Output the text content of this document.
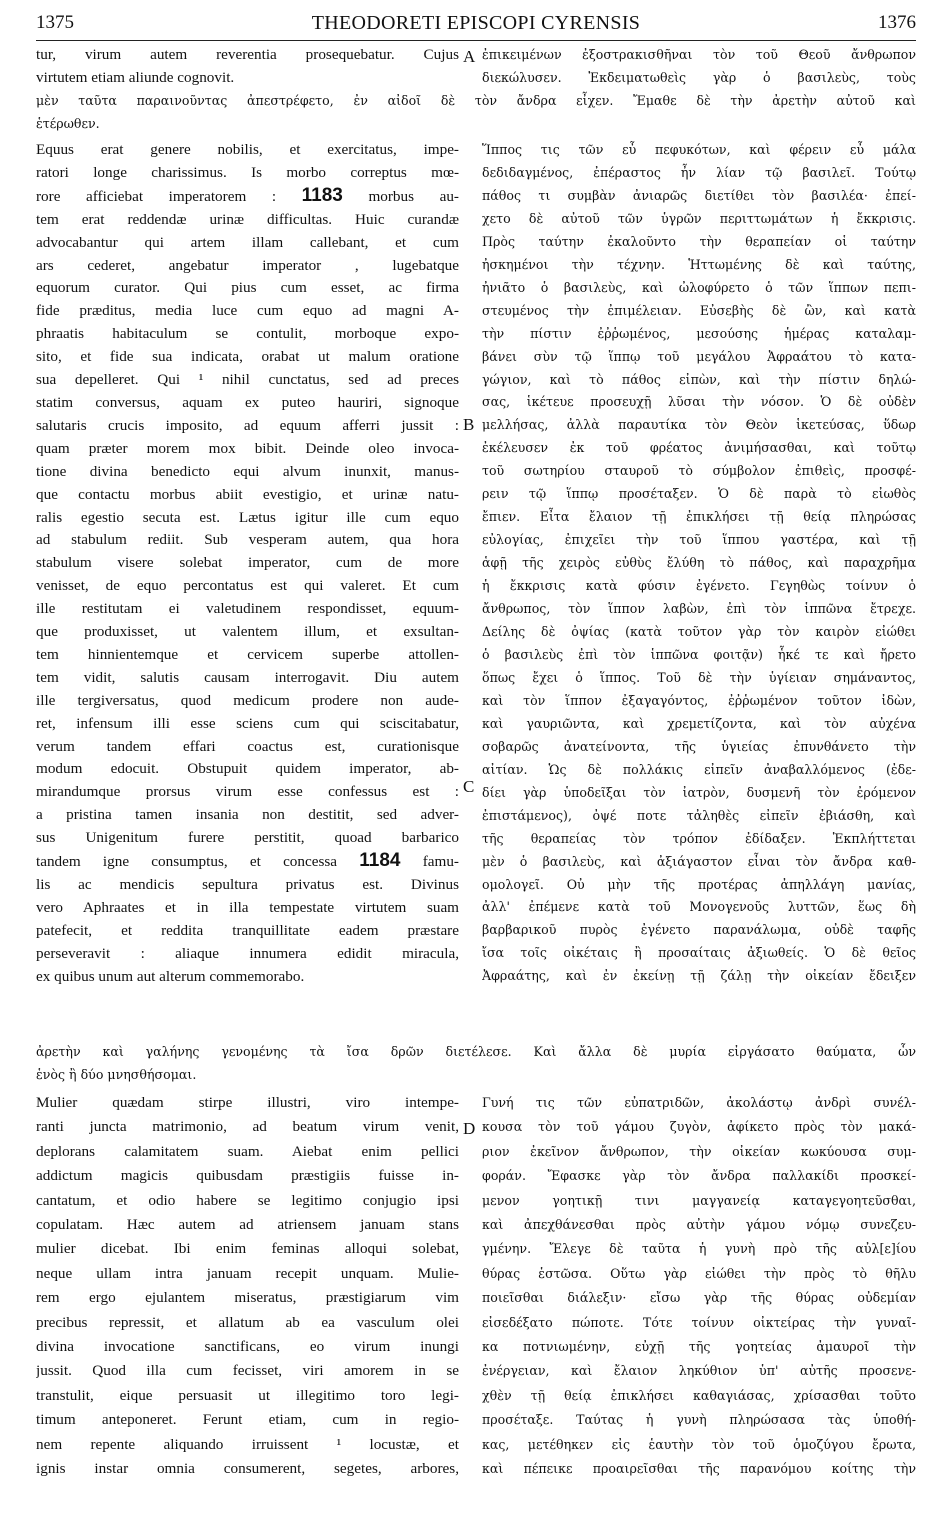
1375	THEODORETI EPISCOPI CYRENSIS	1376
tur, virum autem reverentia prosequebatur. Cujus
virtutem etiam aliunde cognovit.
ἐπικειμένων ἐξοστρακισθῆναι τὸν τοῦ Θεοῦ ἄνθρωπον
διεκώλυσεν. Ἐκδειματωθεὶς γὰρ ὁ βασιλεὺς, τοὺς
μὲν ταῦτα παραινοῦντας ἀπεστρέφετο, ἐν αἰδοῖ δὲ τὸν ἄνδρα εἶχεν. Ἔμαθε δὲ τὴν ἀρετὴν αὐτοῦ καὶ
ἑτέρωθεν.
Equus erat genere nobilis, et exercitatus, impe-
ratori longe charissimus. Is morbo correptus mœ-
rore afficiebat imperatorem : 1183 morbus au-
tem erat reddendæ urinæ difficultas. Huic curandæ
advocabantur qui artem illam callebant, et cum
ars cederet, angebatur imperator , lugebatque
equorum curator. Qui pius cum esset, ac firma
fide præditus, media luce cum equo ad magni A-
phraatis habitaculum se contulit, morboque expo-
sito, et fide sua indicata, orabat ut malum oratione
sua depelleret. Qui ¹ nihil cunctatus, sed ad preces
statim conversus, aquam ex puteo hauriri, signoque
salutaris crucis imposito, ad equum afferri jussit :
quam præter morem mox bibit. Deinde oleo invoca-
tione divina benedicto equi alvum inunxit, manus-
que contactu morbus abiit evestigio, et urinæ natu-
ralis egestio secuta est. Lætus igitur ille cum equo
ad stabulum rediit. Sub vesperam autem, qua hora
stabulum visere solebat imperator, cum de more
venisset, de equo percontatus est qui valeret. Et cum
ille restitutam ei valetudinem respondisset, equum-
que produxisset, ut valentem illum, et exsultan-
tem hinnientemque et cervicem superbe attollen-
tem vidit, salutis causam interrogavit. Diu autem
ille tergiversatus, quod medicum prodere non aude-
ret, infensum illi esse sciens cum qui sciscitabatur,
verum tandem effari coactus est, curationisque
modum edocuit. Obstupuit quidem imperator, ab-
mirandumque prorsus virum esse confessus est :
a pristina tamen insania non destitit, sed adver-
sus Unigenitum furere perstitit, quoad barbarico
tandem igne consumptus, et concessa 1184 famu-
lis ac mendicis sepultura privatus est. Divinus
vero Aphraates et in illa tempestate virtutem suam
patefecit, et reddita tranquillitate eadem præstare
perseveravit : aliaque innumera edidit miracula,
ex quibus unum aut alterum commemorabo.
Ἵππος τις τῶν εὖ πεφυκότων, καὶ φέρειν εὖ μάλα
δεδιδαγμένος, ἐπέραστος ἦν λίαν τῷ βασιλεῖ. Τούτῳ
πάθος τι συμβὰν ἀνιαρῶς διετίθει τὸν βασιλέα· ἐπεί-
χετο δὲ αὐτοῦ τῶν ὑγρῶν περιττωμάτων ἡ ἔκκρισις.
Πρὸς ταύτην ἐκαλοῦντο τὴν θεραπείαν οἱ ταύτην
ἠσκημένοι τὴν τέχνην. Ἡττωμένης δὲ καὶ ταύτης,
ἠνιᾶτο ὁ βασιλεὺς, καὶ ὠλοφύρετο ὁ τῶν ἵππων πεπι-
στευμένος τὴν ἐπιμέλειαν. Εὐσεβὴς δὲ ὢν, καὶ κατὰ
τὴν πίστιν ἐῤῥωμένος, μεσούσης ἡμέρας καταλαμ-
βάνει σὺν τῷ ἵππῳ τοῦ μεγάλου Ἀφραάτου τὸ κατα-
γώγιον, καὶ τὸ πάθος εἰπὼν, καὶ τὴν πίστιν δηλώ-
σας, ἱκέτευε προσευχῇ λῦσαι τὴν νόσον. Ὁ δὲ οὐδὲν
μελλήσας, ἀλλὰ παραυτίκα τὸν Θεὸν ἱκετεύσας, ὕδωρ
ἐκέλευσεν ἐκ τοῦ φρέατος ἀνιμήσασθαι, καὶ τοῦτῳ
τοῦ σωτηρίου σταυροῦ τὸ σύμβολον ἐπιθεὶς, προσφέ-
ρειν τῷ ἵππῳ προσέταξεν. Ὁ δὲ παρὰ τὸ εἰωθὸς
ἔπιεν. Εἶτα ἔλαιον τῇ ἐπικλήσει τῇ θείᾳ πληρώσας
εὐλογίας, ἐπιχεῖει τὴν τοῦ ἵππου γαστέρα, καὶ τῇ
ἁφῇ τῆς χειρὸς εὐθὺς ἔλύθη τὸ πάθος, καὶ παραχρῆμα
ἡ ἔκκρισις κατὰ φύσιν ἐγένετο. Γεγηθὼς τοίνυν ὁ
ἄνθρωπος, τὸν ἵππον λαβὼν, ἐπὶ τὸν ἱππῶνα ἔτρεχε.
Δείλης δὲ ὀψίας (κατὰ τοῦτον γὰρ τὸν καιρὸν εἰώθει
ὁ βασιλεὺς ἐπὶ τὸν ἱππῶνα φοιτᾷν) ἧκέ τε καὶ ἤρετο
ὅπως ἔχει ὁ ἵππος. Τοῦ δὲ τὴν ὑγίειαν σημάναντος,
καὶ τὸν ἵππον ἐξαγαγόντος, ἐῤῥωμένον τοῦτον ἰδὼν,
καὶ γαυριῶντα, καὶ χρεμετίζοντα, καὶ τὸν αὐχένα
σοβαρῶς ἀνατείνοντα, τῆς ὑγιείας ἐπυνθάνετο τὴν
αἰτίαν. Ὡς δὲ πολλάκις εἰπεῖν ἀναβαλλόμενος (ἐδε-
δίει γὰρ ὑποδεῖξαι τὸν ἰατρὸν, δυσμενῆ τὸν ἐρόμενον
ἐπιστάμενος), ὀψέ ποτε τἀληθὲς εἰπεῖν ἐβιάσθη, καὶ
τῆς θεραπείας τὸν τρόπον ἐδίδαξεν. Ἐκπλήττεται
μὲν ὁ βασιλεὺς, καὶ ἀξιάγαστον εἶναι τὸν ἄνδρα καθ-
ομολογεῖ. Οὐ μὴν τῆς προτέρας ἀπηλλάγη μανίας,
ἀλλ' ἐπέμενε κατὰ τοῦ Μονογενοῦς λυττῶν, ἕως δὴ
βαρβαρικοῦ πυρὸς ἐγένετο παρανάλωμα, οὐδὲ ταφῆς
ἴσα τοῖς οἰκέταις ἢ προσαίταις ἀξιωθείς. Ὁ δὲ θεῖος
Ἀφραάτης, καὶ ἐν ἐκείνῃ τῇ ζάλῃ τὴν οἰκείαν ἔδειξεν
ἀρετὴν καὶ γαλήνης γενομένης τὰ ἴσα δρῶν διετέλεσε. Καὶ ἄλλα δὲ μυρία εἰργάσατο θαύματα, ὧν
ἑνὸς ἢ δύο μνησθήσομαι.
Mulier quædam stirpe illustri, viro intempe-
ranti juncta matrimonio, ad beatum virum venit,
deplorans calamitatem suam. Aiebat enim pellici
addictum magicis quibusdam præstigiis fuisse in-
cantatum, et odio habere se legitimo conjugio ipsi
copulatam. Hæc autem ad atriensem januam stans
mulier dicebat. Ibi enim feminas alloqui solebat,
neque ullam intra januam recepit unquam. Mulie-
rem ergo ejulantem miseratus, præstigiarum vim
precibus repressit, et allatum ab ea vasculum olei
divina invocatione sanctificans, eo virum inungi
jussit. Quod illa cum fecisset, viri amorem in se
transtulit, eique persuasit ut illegitimo toro legi-
timum anteponeret. Ferunt etiam, cum in regio-
nem repente aliquando irruissent ¹ locustæ, et
ignis instar omnia consumerent, segetes, arbores,
Γυνή τις τῶν εὐπατριδῶν, ἀκολάστῳ ἀνδρὶ συνέλ-
κουσα τὸν τοῦ γάμου ζυγὸν, ἀφίκετο πρὸς τὸν μακά-
ριον ἐκεῖνον ἄνθρωπον, τὴν οἰκείαν κωκύουσα συμ-
φοράν. Ἔφασκε γὰρ τὸν ἄνδρα παλλακίδι προσκεί-
μενον γοητικῇ τινι μαγγανείᾳ καταγεγοητεῦσθαι,
καὶ ἀπεχθάνεσθαι πρὸς αὐτὴν γάμου νόμῳ συνεζευ-
γμένην. Ἔλεγε δὲ ταῦτα ἡ γυνὴ πρὸ τῆς αὐλ[ε]ίου
θύρας ἑστῶσα. Οὕτω γὰρ εἰώθει τὴν πρὸς τὸ θῆλυ
ποιεῖσθαι διάλεξιν· εἴσω γὰρ τῆς θύρας οὐδεμίαν
εἰσεδέξατο πώποτε. Τότε τοίνυν οἰκτείρας τὴν γυναῖ-
κα ποτνιωμένην, εὐχῇ τῆς γοητείας ἀμαυροῖ τὴν
ἐνέργειαν, καὶ ἔλαιον ληκύθιον ὑπ' αὐτῆς προσενε-
χθὲν τῇ θείᾳ ἐπικλήσει καθαγιάσας, χρίσασθαι τοῦτο
προσέταξε. Ταύτας ἡ γυνὴ πληρώσασα τὰς ὑποθή-
κας, μετέθηκεν εἰς ἑαυτὴν τὸν τοῦ ὁμοζύγου ἔρωτα,
καὶ πέπεικε προαιρεῖσθαι τῆς παρανόμου κοίτης τὴν
A
B
C
D
